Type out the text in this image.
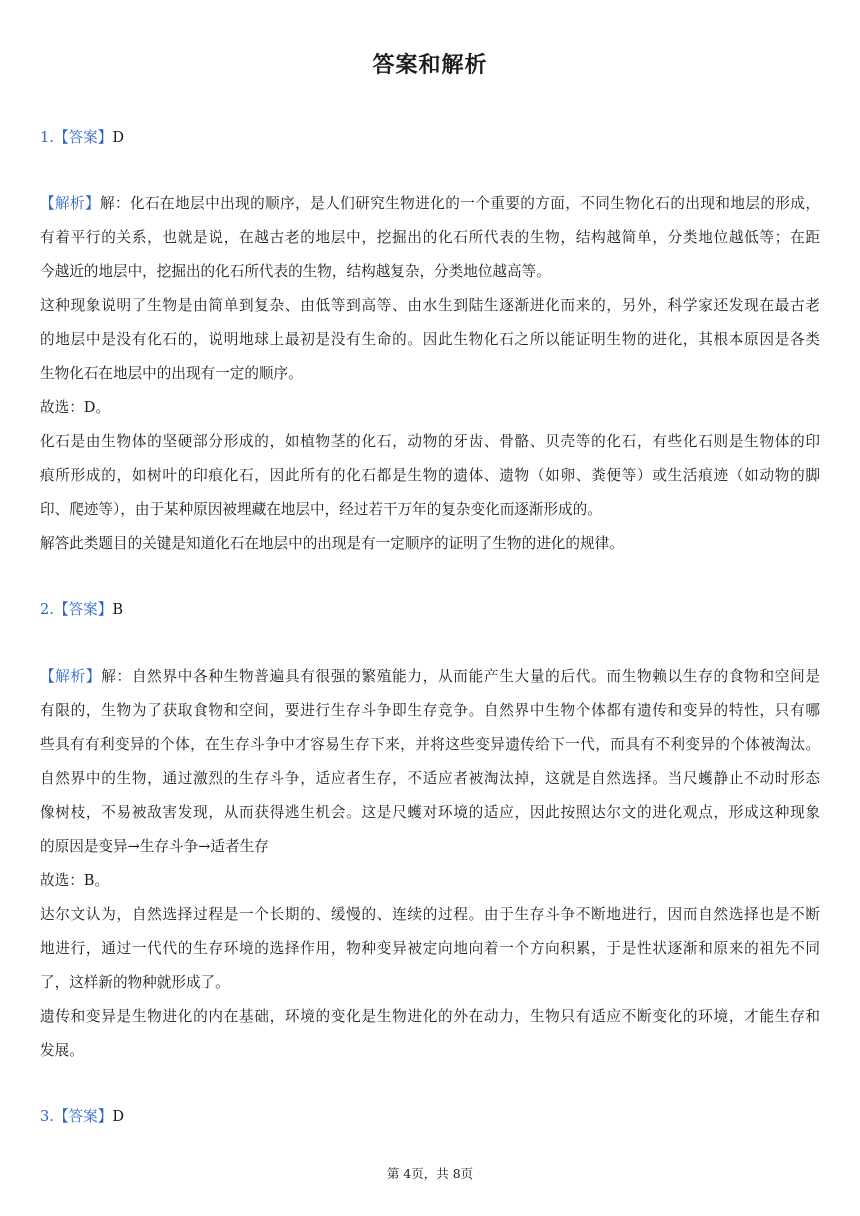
答案和解析
1.【答案】D
【解析】解：化石在地层中出现的顺序，是人们研究生物进化的一个重要的方面，不同生物化石的出现和地层的形成，
有着平行的关系，也就是说，在越古老的地层中，挖掘出的化石所代表的生物，结构越简单，分类地位越低等；在距
今越近的地层中，挖掘出的化石所代表的生物，结构越复杂，分类地位越高等。
这种现象说明了生物是由简单到复杂、由低等到高等、由水生到陆生逐渐进化而来的，另外，科学家还发现在最古老
的地层中是没有化石的，说明地球上最初是没有生命的。因此生物化石之所以能证明生物的进化，其根本原因是各类
生物化石在地层中的出现有一定的顺序。
故选：D。
化石是由生物体的坚硬部分形成的，如植物茎的化石，动物的牙齿、骨骼、贝壳等的化石，有些化石则是生物体的印
痕所形成的，如树叶的印痕化石，因此所有的化石都是生物的遗体、遗物（如卵、粪便等）或生活痕迹（如动物的脚
印、爬迹等），由于某种原因被埋藏在地层中，经过若干万年的复杂变化而逐渐形成的。
解答此类题目的关键是知道化石在地层中的出现是有一定顺序的证明了生物的进化的规律。
2.【答案】B
【解析】解：自然界中各种生物普遍具有很强的繁殖能力，从而能产生大量的后代。而生物赖以生存的食物和空间是
有限的，生物为了获取食物和空间，要进行生存斗争即生存竞争。自然界中生物个体都有遗传和变异的特性，只有哪
些具有有利变异的个体，在生存斗争中才容易生存下来，并将这些变异遗传给下一代，而具有不利变异的个体被淘汰。
自然界中的生物，通过激烈的生存斗争，适应者生存，不适应者被淘汰掉，这就是自然选择。当尺蠖静止不动时形态
像树枝，不易被敌害发现，从而获得逃生机会。这是尺蠖对环境的适应，因此按照达尔文的进化观点，形成这种现象
的原因是变异→生存斗争→适者生存
故选：B。
达尔文认为，自然选择过程是一个长期的、缓慢的、连续的过程。由于生存斗争不断地进行，因而自然选择也是不断
地进行，通过一代代的生存环境的选择作用，物种变异被定向地向着一个方向积累，于是性状逐渐和原来的祖先不同
了，这样新的物种就形成了。
遗传和变异是生物进化的内在基础，环境的变化是生物进化的外在动力，生物只有适应不断变化的环境，才能生存和
发展。
3.【答案】D
第 4页，共 8页
